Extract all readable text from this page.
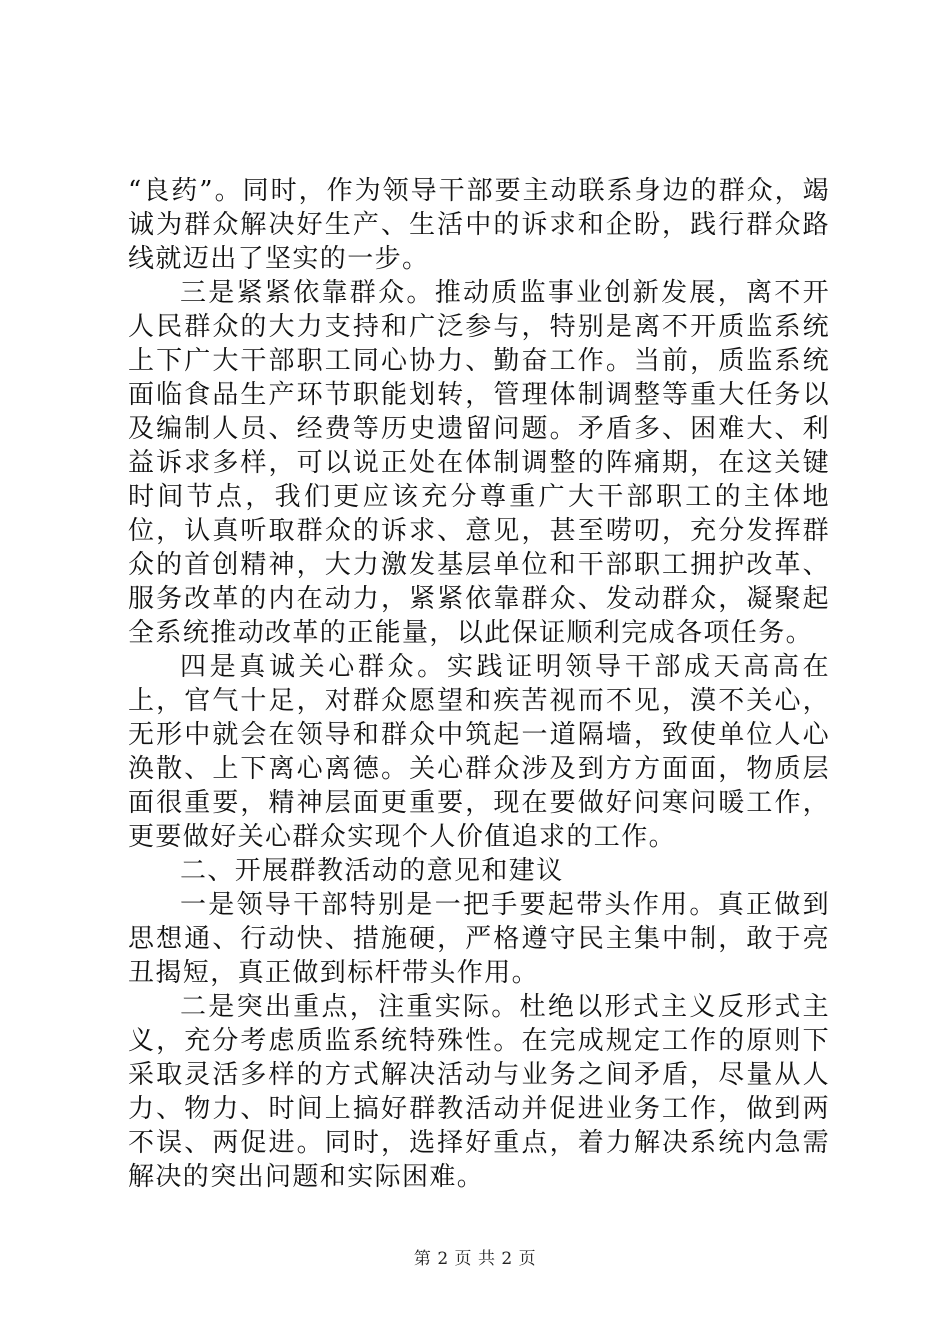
“良药”。同时，作为领导干部要主动联系身边的群众，竭诚为群众解决好生产、生活中的诉求和企盼，践行群众路线就迈出了坚实的一步。

三是紧紧依靠群众。推动质监事业创新发展，离不开人民群众的大力支持和广泛参与，特别是离不开质监系统上下广大干部职工同心协力、勤奋工作。当前，质监系统面临食品生产环节职能划转，管理体制调整等重大任务以及编制人员、经费等历史遗留问题。矛盾多、困难大、利益诉求多样，可以说正处在体制调整的阵痛期，在这关键时间节点，我们更应该充分尊重广大干部职工的主体地位，认真听取群众的诉求、意见，甚至唠叨，充分发挥群众的首创精神，大力激发基层单位和干部职工拥护改革、服务改革的内在动力，紧紧依靠群众、发动群众，凝聚起全系统推动改革的正能量，以此保证顺利完成各项任务。

四是真诚关心群众。实践证明领导干部成天高高在上，官气十足，对群众愿望和疾苦视而不见，漠不关心，无形中就会在领导和群众中筑起一道隔墙，致使单位人心涣散、上下离心离德。关心群众涉及到方方面面，物质层面很重要，精神层面更重要，现在要做好问寒问暖工作，更要做好关心群众实现个人价值追求的工作。

二、开展群教活动的意见和建议

一是领导干部特别是一把手要起带头作用。真正做到思想通、行动快、措施硬，严格遵守民主集中制，敢于亮丑揭短，真正做到标杆带头作用。

二是突出重点，注重实际。杜绝以形式主义反形式主义，充分考虑质监系统特殊性。在完成规定工作的原则下采取灵活多样的方式解决活动与业务之间矛盾，尽量从人力、物力、时间上搞好群教活动并促进业务工作，做到两不误、两促进。同时，选择好重点，着力解决系统内急需解决的突出问题和实际困难。

第 2 页 共 2 页
